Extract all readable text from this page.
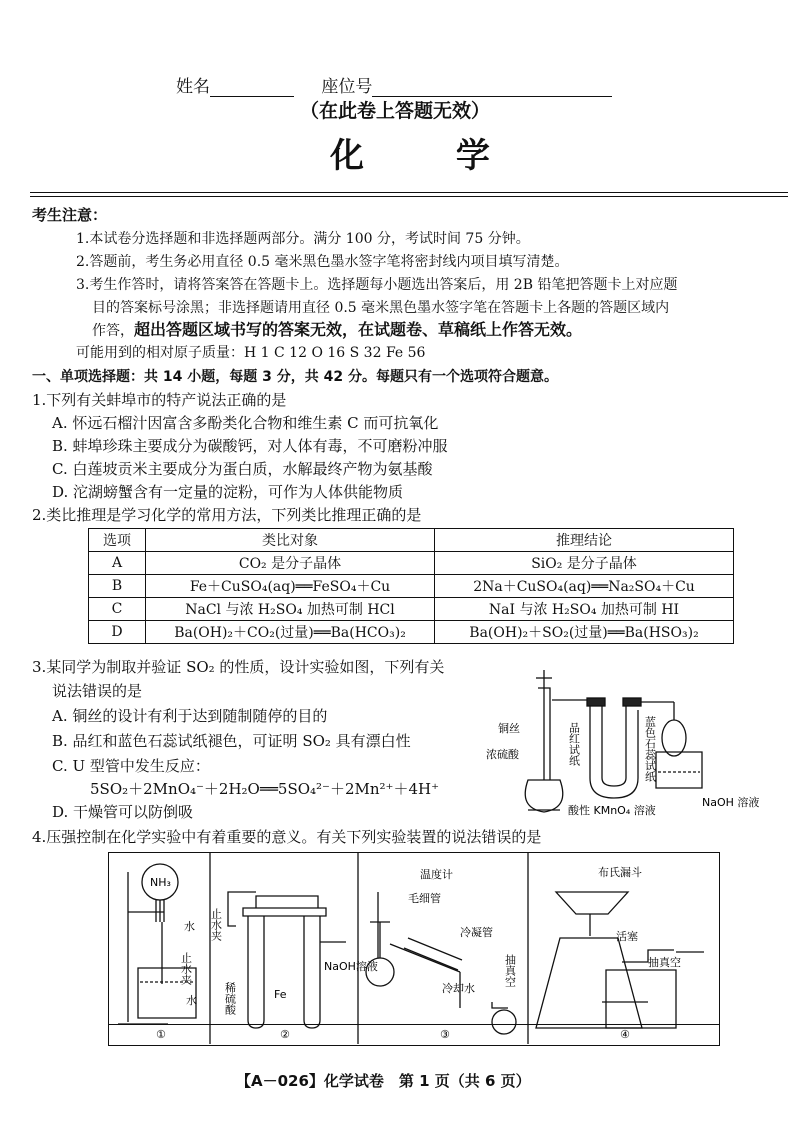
姓名	座位号
（在此卷上答题无效）
化 学
考生注意：
1.本试卷分选择题和非选择题两部分。满分 100 分，考试时间 75 分钟。
2.答题前，考生务必用直径 0.5 毫米黑色墨水签字笔将密封线内项目填写清楚。
3.考生作答时，请将答案答在答题卡上。选择题每小题选出答案后，用 2B 铅笔把答题卡上对应题
目的答案标号涂黑；非选择题请用直径 0.5 毫米黑色墨水签字笔在答题卡上各题的答题区域内
作答，超出答题区域书写的答案无效，在试题卷、草稿纸上作答无效。
可能用到的相对原子质量：H 1 C 12 O 16 S 32 Fe 56
一、单项选择题：共 14 小题，每题 3 分，共 42 分。每题只有一个选项符合题意。
1.下列有关蚌埠市的特产说法正确的是
A. 怀远石榴汁因富含多酚类化合物和维生素 C 而可抗氧化
B. 蚌埠珍珠主要成分为碳酸钙，对人体有毒，不可磨粉冲服
C. 白莲坡贡米主要成分为蛋白质，水解最终产物为氨基酸
D. 沱湖螃蟹含有一定量的淀粉，可作为人体供能物质
2.类比推理是学习化学的常用方法，下列类比推理正确的是
选项	类比对象	推理结论
A	CO₂ 是分子晶体	SiO₂ 是分子晶体
B	Fe＋CuSO₄(aq)══FeSO₄＋Cu	2Na＋CuSO₄(aq)══Na₂SO₄＋Cu
C	NaCl 与浓 H₂SO₄ 加热可制 HCl	NaI 与浓 H₂SO₄ 加热可制 HI
D	Ba(OH)₂＋CO₂(过量)══Ba(HCO₃)₂	Ba(OH)₂＋SO₂(过量)══Ba(HSO₃)₂
3.某同学为制取并验证 SO₂ 的性质，设计实验如图，下列有关
说法错误的是
A. 铜丝的设计有利于达到随制随停的目的
B. 品红和蓝色石蕊试纸褪色，可证明 SO₂ 具有漂白性
C. U 型管中发生反应：
5SO₂＋2MnO₄⁻＋2H₂O══5SO₄²⁻＋2Mn²⁺＋4H⁺
D. 干燥管可以防倒吸
铜丝
浓硫酸	品红试纸	蓝色石蕊试纸
酸性 KMnO₄ 溶液
NaOH 溶液
4.压强控制在化学实验中有着重要的意义。有关下列实验装置的说法错误的是
NH₃
水
止水夹
水
止水夹
稀硫酸	Fe
NaOH溶液
温度计
毛细管
冷凝管
冷却水
抽真空
布氏漏斗
活塞
抽真空
①	②	③	④
【A－026】化学试卷　第 1 页（共 6 页）
